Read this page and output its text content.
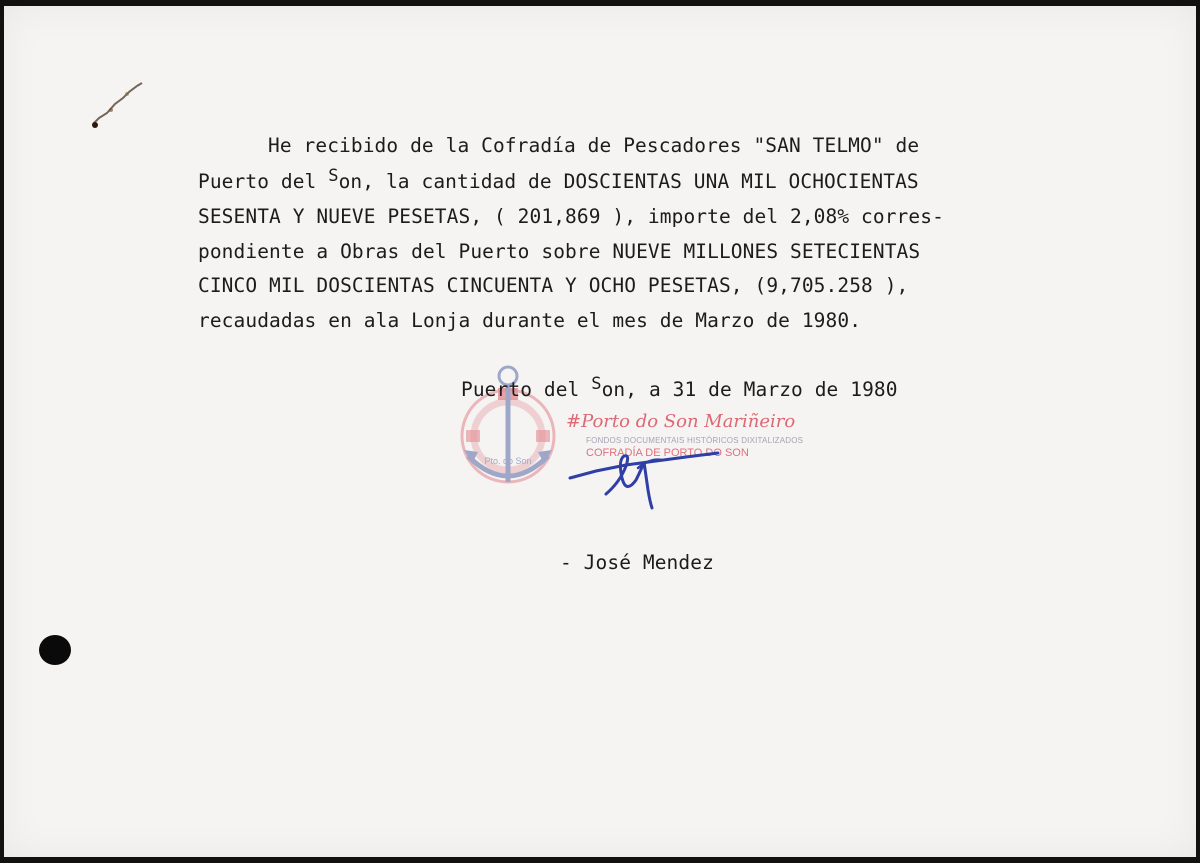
Pto. do Son
#Porto do Son Mariñeiro
FONDOS DOCUMENTAIS HISTÓRICOS DIXITALIZADOS
COFRADÍA DE PORTO DO SON

He recibido de la Cofradía de Pescadores "SAN TELMO" de

Puerto del Son, la cantidad de DOSCIENTAS UNA MIL OCHOCIENTAS

SESENTA Y NUEVE PESETAS, ( 201,869 ), importe del 2,08% corres-

pondiente a Obras del Puerto sobre NUEVE MILLONES SETECIENTAS

CINCO MIL DOSCIENTAS CINCUENTA Y OCHO PESETAS, (9,705.258 ),

recaudadas en ala Lonja durante el mes de Marzo de 1980.

Puerto del Son, a 31 de Marzo de 1980

- José Mendez
